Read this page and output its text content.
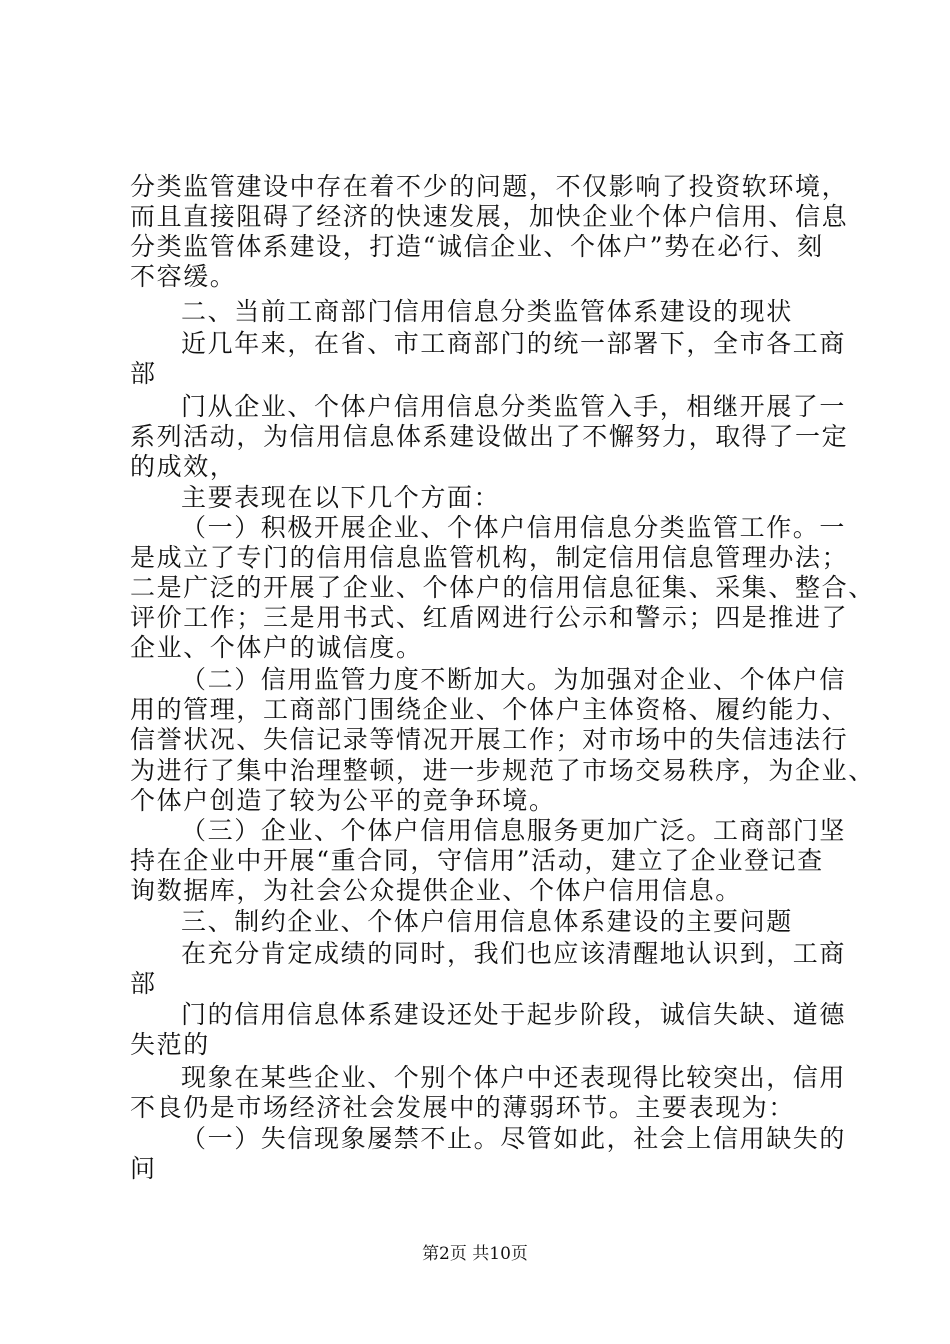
分类监管建设中存在着不少的问题，不仅影响了投资软环境，
而且直接阻碍了经济的快速发展，加快企业个体户信用、信息
分类监管体系建设，打造“诚信企业、个体户”势在必行、刻
不容缓。
二、当前工商部门信用信息分类监管体系建设的现状
近几年来，在省、市工商部门的统一部署下，全市各工商
部
门从企业、个体户信用信息分类监管入手，相继开展了一
系列活动，为信用信息体系建设做出了不懈努力，取得了一定
的成效，
主要表现在以下几个方面：
（一）积极开展企业、个体户信用信息分类监管工作。一
是成立了专门的信用信息监管机构，制定信用信息管理办法；
二是广泛的开展了企业、个体户的信用信息征集、采集、整合、
评价工作；三是用书式、红盾网进行公示和警示；四是推进了
企业、个体户的诚信度。
（二）信用监管力度不断加大。为加强对企业、个体户信
用的管理，工商部门围绕企业、个体户主体资格、履约能力、
信誉状况、失信记录等情况开展工作；对市场中的失信违法行
为进行了集中治理整顿，进一步规范了市场交易秩序，为企业、
个体户创造了较为公平的竞争环境。
（三）企业、个体户信用信息服务更加广泛。工商部门坚
持在企业中开展“重合同，守信用”活动，建立了企业登记查
询数据库，为社会公众提供企业、个体户信用信息。
三、制约企业、个体户信用信息体系建设的主要问题
在充分肯定成绩的同时，我们也应该清醒地认识到，工商
部
门的信用信息体系建设还处于起步阶段，诚信失缺、道德
失范的
现象在某些企业、个别个体户中还表现得比较突出，信用
不良仍是市场经济社会发展中的薄弱环节。主要表现为：
（一）失信现象屡禁不止。尽管如此，社会上信用缺失的
问
第2页 共10页
